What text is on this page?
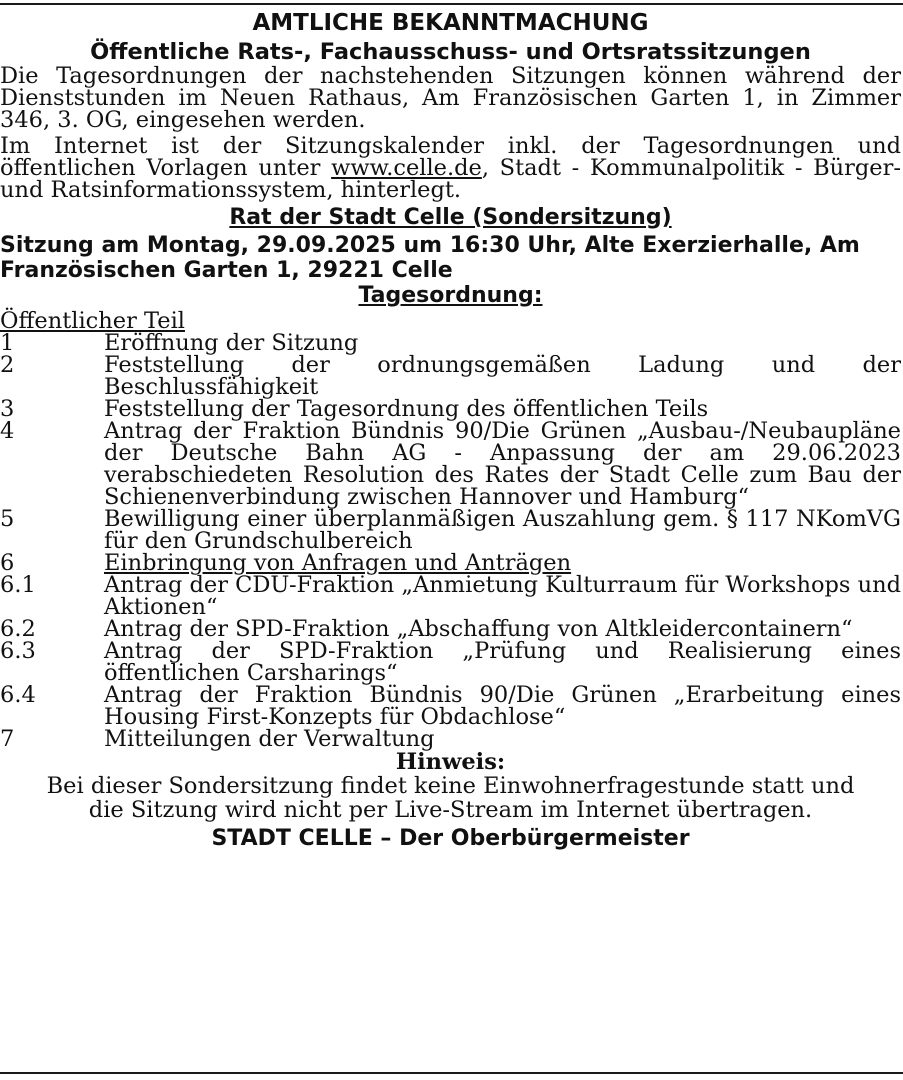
AMTLICHE BEKANNTMACHUNG
Öffentliche Rats-, Fachausschuss- und Ortsratssitzungen
Die Tagesordnungen der nachstehenden Sitzungen können während der Dienststunden im Neuen Rathaus, Am Französischen Garten 1, in Zimmer 346, 3. OG, eingesehen werden.
Im Internet ist der Sitzungskalender inkl. der Tagesordnungen und öffentlichen Vorlagen unter www.celle.de, Stadt - Kommunalpolitik - Bürger- und Ratsinformationssystem, hinterlegt.
Rat der Stadt Celle (Sondersitzung)
Sitzung am Montag, 29.09.2025 um 16:30 Uhr, Alte Exerzierhalle, Am Französischen Garten 1, 29221 Celle
Tagesordnung:
Öffentlicher Teil
1	Eröffnung der Sitzung
2	Feststellung der ordnungsgemäßen Ladung und der Beschlussfähigkeit
3	Feststellung der Tagesordnung des öffentlichen Teils
4	Antrag der Fraktion Bündnis 90/Die Grünen „Ausbau-/Neubaupläne der Deutsche Bahn AG - Anpassung der am 29.06.2023 verabschiedeten Resolution des Rates der Stadt Celle zum Bau der Schienenverbindung zwischen Hannover und Hamburg“
5	Bewilligung einer überplanmäßigen Auszahlung gem. § 117 NKomVG für den Grundschulbereich
6	Einbringung von Anfragen und Anträgen
6.1	Antrag der CDU-Fraktion „Anmietung Kulturraum für Workshops und Aktionen“
6.2	Antrag der SPD-Fraktion „Abschaffung von Altkleidercontainern“
6.3	Antrag der SPD-Fraktion „Prüfung und Realisierung eines öffentlichen Carsharings“
6.4	Antrag der Fraktion Bündnis 90/Die Grünen „Erarbeitung eines Housing First-Konzepts für Obdachlose“
7	Mitteilungen der Verwaltung
Hinweis:
Bei dieser Sondersitzung findet keine Einwohnerfragestunde statt und die Sitzung wird nicht per Live-Stream im Internet übertragen.
STADT CELLE – Der Oberbürgermeister
